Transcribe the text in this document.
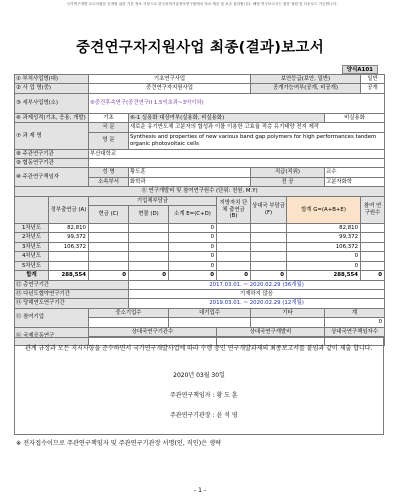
국가연구개발 보고서원문 공개를 위한 기본 정보 사항으로 한국과학기술정보연구원에서 자료 제공 및 보존 관리합니다. 해당 연구보고서는 원문 열람 및 다운로드 가능합니다.
중견연구자지원사업 최종(결과)보고서
양식A101
① 부처사업명(대)		기초연구사업				보안등급(보안, 일반)			일반
② 사 업 명(중)		중견연구자지원사업				공개가능여부(공개, 비공개)			공개
③ 세부사업명(소)		⑥중견후속연구(중견연구II 1.5억초과~3억이하)							
⑥ 과제성격(기초, 응용, 개발)		기초	⑥-1 실용화 대상여부(실용화, 비실용화)					비실용화	
⑦ 과 제 명		국 문	새로운 유기반도체 고분자의 합성과 이를 이용한 고효율 적층 유기태양 전지 제작						
		영 문	Synthesis and properties of new various band gap polymers for high performances tandem organic photovoltaic cells						
⑧ 주관연구기관		부산대학교							
⑨ 협동연구기관									
⑩ 주관연구책임자		성 명	황도훈			직급(직위)		교수	
		소속부서	화학과			전 공		고분자화학	
⑪ 연구개발비 및 참여연구원수 (단위: 천원, M.Y)									
	정부출연금 (A)	기업체부담금			지방자치 단체 출연금 (B)	상대국 부담금 (F)	합계 G=(A+B+E)		참여 연구원수
		현금 (C)	현물 (D)	소계 E=(C+D)					
1차년도	82,810			0			82,810		
2차년도	99,372			0			99,372		
3차년도	106,372			0			106,372		
4차년도				0			0		
5차년도				0			0		
합계	288,554	0	0	0	0	0	288,554		0
⑫ 총연구기간			2017.03.01. ~ 2020.02.29 (36개월)						
⑬ 다년도협약연구기간			기재하지 않음						
⑭ 당해연도연구기간			2019.03.01. ~ 2020.02.29 (12개월)						
⑮ 참여기업		중소기업수		대기업수		기타		계	
								0	
⑯ 국제공동연구		상대국연구기관수			상대국연구개발비			상대국연구책임자수	

관계 규정과 모든 지시사항을 준수하면서 국가연구개발사업에 따라 수행 중인 연구개발과제의 최종보고서를 붙임과 같이 제출 합니다.
2020년 03월 30일
주관연구책임자 : 황 도 훈
주관연구기관장 : 윤 석 영
※ 전자접수이므로 주관연구책임자 및 주관연구기관장 서명(인, 직인)은 생략
- 1 -
